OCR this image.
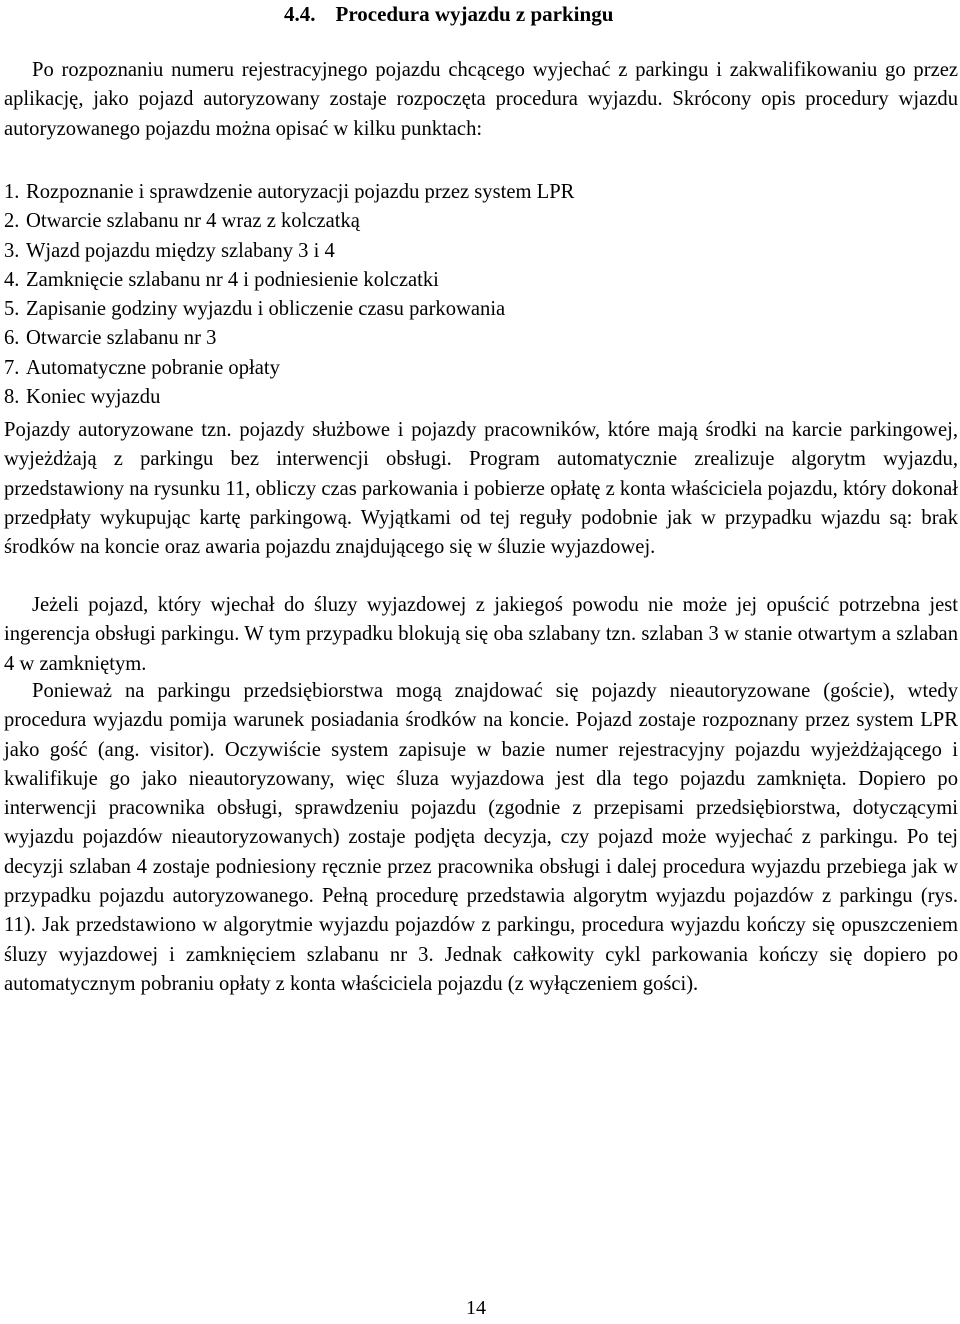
4.4. Procedura wyjazdu z parkingu

Po rozpoznaniu numeru rejestracyjnego pojazdu chcącego wyjechać z parkingu i zakwalifikowaniu go przez aplikację, jako pojazd autoryzowany zostaje rozpoczęta procedura wyjazdu. Skrócony opis procedury wjazdu autoryzowanego pojazdu można opisać w kilku punktach:

1. Rozpoznanie i sprawdzenie autoryzacji pojazdu przez system LPR
2. Otwarcie szlabanu nr 4 wraz z kolczatką
3. Wjazd pojazdu między szlabany 3 i 4
4. Zamknięcie szlabanu nr 4 i podniesienie kolczatki
5. Zapisanie godziny wyjazdu i obliczenie czasu parkowania
6. Otwarcie szlabanu nr 3
7. Automatyczne pobranie opłaty
8. Koniec wyjazdu

Pojazdy autoryzowane tzn. pojazdy służbowe i pojazdy pracowników, które mają środki na karcie parkingowej, wyjeżdżają z parkingu bez interwencji obsługi. Program automatycznie zrealizuje algorytm wyjazdu, przedstawiony na rysunku 11, obliczy czas parkowania i pobierze opłatę z konta właściciela pojazdu, który dokonał przedpłaty wykupując kartę parkingową. Wyjątkami od tej reguły podobnie jak w przypadku wjazdu są: brak środków na koncie oraz awaria pojazdu znajdującego się w śluzie wyjazdowej.

Jeżeli pojazd, który wjechał do śluzy wyjazdowej z jakiegoś powodu nie może jej opuścić potrzebna jest ingerencja obsługi parkingu. W tym przypadku blokują się oba szlabany tzn. szlaban 3 w stanie otwartym a szlaban 4 w zamkniętym.

Ponieważ na parkingu przedsiębiorstwa mogą znajdować się pojazdy nieautoryzowane (goście), wtedy procedura wyjazdu pomija warunek posiadania środków na koncie. Pojazd zostaje rozpoznany przez system LPR jako gość (ang. visitor). Oczywiście system zapisuje w bazie numer rejestracyjny pojazdu wyjeżdżającego i kwalifikuje go jako nieautoryzowany, więc śluza wyjazdowa jest dla tego pojazdu zamknięta. Dopiero po interwencji pracownika obsługi, sprawdzeniu pojazdu (zgodnie z przepisami przedsiębiorstwa, dotyczącymi wyjazdu pojazdów nieautoryzowanych) zostaje podjęta decyzja, czy pojazd może wyjechać z parkingu. Po tej decyzji szlaban 4 zostaje podniesiony ręcznie przez pracownika obsługi i dalej procedura wyjazdu przebiega jak w przypadku pojazdu autoryzowanego. Pełną procedurę przedstawia algorytm wyjazdu pojazdów z parkingu (rys. 11). Jak przedstawiono w algorytmie wyjazdu pojazdów z parkingu, procedura wyjazdu kończy się opuszczeniem śluzy wyjazdowej i zamknięciem szlabanu nr 3. Jednak całkowity cykl parkowania kończy się dopiero po automatycznym pobraniu opłaty z konta właściciela pojazdu (z wyłączeniem gości).

14
